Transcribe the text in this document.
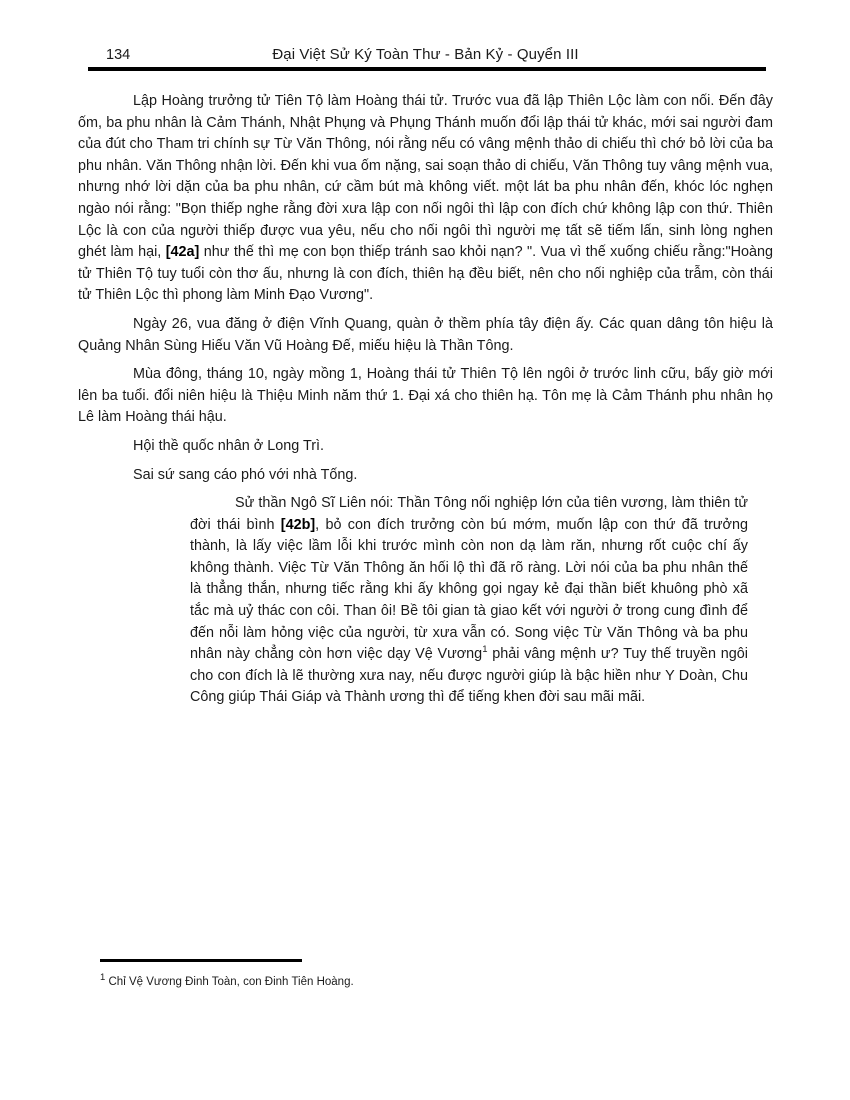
134	Đại Việt Sử Ký Toàn Thư - Bản Kỷ - Quyển III

Lập Hoàng trưởng tử Tiên Tộ làm Hoàng thái tử. Trước vua đã lập Thiên Lộc làm con nối. Đến đây ốm, ba phu nhân là Cảm Thánh, Nhật Phụng và Phụng Thánh muốn đổi lập thái tử khác, mới sai người đam của đút cho Tham tri chính sự Từ Văn Thông, nói rằng nếu có vâng mệnh thảo di chiếu thì chớ bỏ lời của ba phu nhân. Văn Thông nhận lời. Đến khi vua ốm nặng, sai soạn thảo di chiếu, Văn Thông tuy vâng mệnh vua, nhưng nhớ lời dặn của ba phu nhân, cứ cầm bút mà không viết. một lát ba phu nhân đến, khóc lóc nghẹn ngào nói rằng: "Bọn thiếp nghe rằng đời xưa lập con nối ngôi thì lập con đích chứ không lập con thứ. Thiên Lộc là con của người thiếp được vua yêu, nếu cho nối ngôi thì người mẹ tất sẽ tiếm lấn, sinh lòng nghen ghét làm hại, [42a] như thế thì mẹ con bọn thiếp tránh sao khỏi nạn? ". Vua vì thế xuống chiếu rằng:"Hoàng tử Thiên Tộ tuy tuổi còn thơ ấu, nhưng là con đích, thiên hạ đều biết, nên cho nối nghiệp của trẫm, còn thái tử Thiên Lộc thì phong làm Minh Đạo Vương".

Ngày 26, vua đăng ở điện Vĩnh Quang, quàn ở thềm phía tây điện ấy. Các quan dâng tôn hiệu là Quảng Nhân Sùng Hiếu Văn Vũ Hoàng Đế, miếu hiệu là Thần Tông.

Mùa đông, tháng 10, ngày mồng 1, Hoàng thái tử Thiên Tộ lên ngôi ở trước linh cữu, bấy giờ mới lên ba tuổi. đổi niên hiệu là Thiệu Minh năm thứ 1. Đại xá cho thiên hạ. Tôn mẹ là Cảm Thánh phu nhân họ Lê làm Hoàng thái hậu.

Hội thề quốc nhân ở Long Trì.

Sai sứ sang cáo phó với nhà Tống.

Sử thần Ngô Sĩ Liên nói: Thần Tông nối nghiệp lớn của tiên vương, làm thiên tử đời thái bình [42b], bỏ con đích trưởng còn bú mớm, muốn lập con thứ đã trưởng thành, là lấy việc lầm lỗi khi trước mình còn non dạ làm răn, nhưng rốt cuộc chí ấy không thành. Việc Từ Văn Thông ăn hối lộ thì đã rõ ràng. Lời nói của ba phu nhân thế là thẳng thắn, nhưng tiếc rằng khi ấy không gọi ngay kẻ đại thần biết khuông phò xã tắc mà uỷ thác con côi. Than ôi! Bề tôi gian tà giao kết với người ở trong cung đình để đến nỗi làm hỏng việc của người, từ xưa vẫn có. Song việc Từ Văn Thông và ba phu nhân này chẳng còn hơn việc dạy Vệ Vương$^1$ phải vâng mệnh ư? Tuy thế truyền ngôi cho con đích là lẽ thường xưa nay, nếu được người giúp là bậc hiền như Y Doàn, Chu Công giúp Thái Giáp và Thành ương thì để tiếng khen đời sau mãi mãi.

$^1$ Chỉ Vệ Vương Đinh Toàn, con Đinh Tiên Hoàng.
